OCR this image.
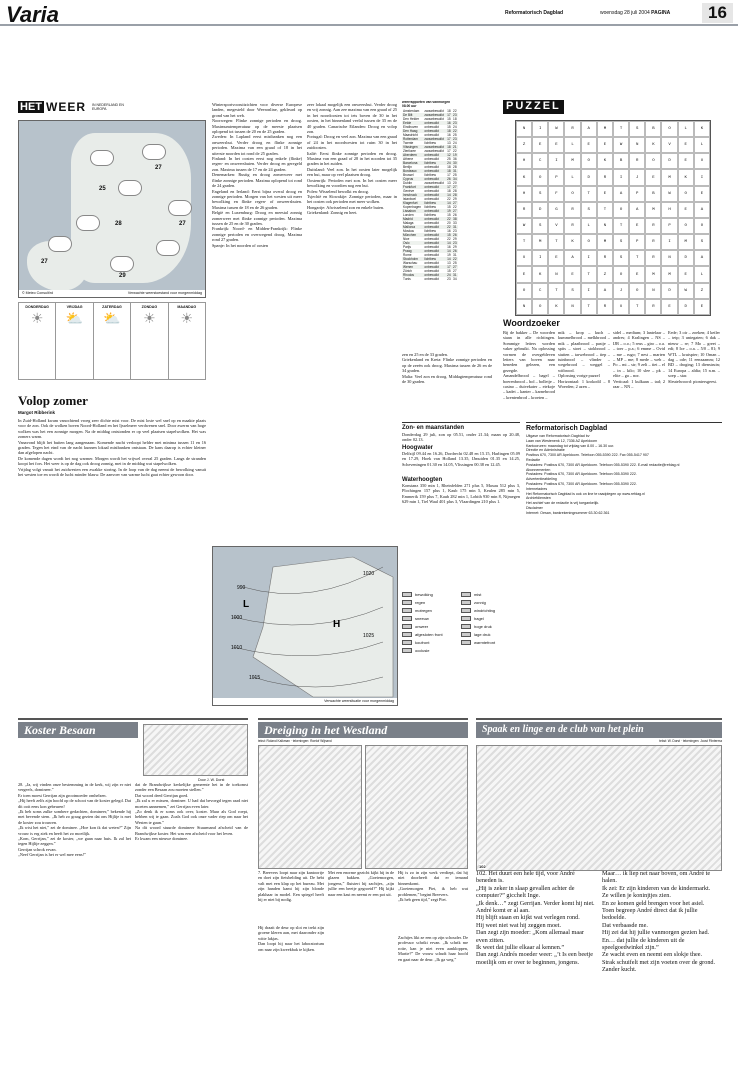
Varia	Reformatorisch Dagblad	woensdag 28 juli 2004 PAGINA	16
HET WEER IN NEDERLAND EN EUROPA
25
27
27
28
29
27
© Meteo Consult/rd	Verwachte weerstoestand voor morgenmiddag
DONDERDAG
☀
VRIJDAG
⛅
ZATERDAG
⛅
ZONDAG
☀
MAANDAG
☀
Volop zomer
Margot Ribberink
In Zuid-Holland kwam vanochtend vroeg zeer dichte mist voor. De mist loste wel snel op en maakte plaats voor de zon. Ook de wolken boven Noord-Holland en het Ijsselmeer verdwenen snel. Door zwerm van hoge wolken was het een zonnige morgen. Na de middag ontstonden er op veel plaatsen stapelwolken. Het was zomers warm.
Vanavond blijft het buiten lang aangenaam. Komende nacht verloopt helder met minima tussen 11 en 16 graden. Tegen het eind van de nacht kunnen lokaal mistbanken ontstaan. De kans daarop is echter kleiner dan afgelopen nacht.
De komende dagen wordt het nog warmer. Morgen wordt het vrijwel overal 25 graden. Langs de stranden koopt het fors. Het weer is op de dag ook droog zonnig, met in de middag wat stapelwolken.
Vrijdag volgt vanuit het zuidwesten een zwakke storing. In de loop van de dag neemt de bewolking vanuit het westen toe en wordt de lucht minder blauw. De aanvoer van warme lucht gaat echter gewoon door.
Wintersportvooruitzichten voor diverse Europese landen, megesteld door Weeronline, gekleurd op grond van het web.
Noorwegen: Flinke zonnige perioden en droog. Maximumtemperatuur op de meeste plaatsen oplopend tot tussen de 20 en de 25 graden.
Zweden: In Lapland eerst mistbanken nog een onweersbui. Verder droog en flinke zonnige perioden. Maxima van een graad of 18 in het uiterste noorden tot rond de 25 graden.
Finland: In het oosten eerst nog enkele (flinke) regen- en onweersbuien. Verder droog en geregeld zon. Maxima tussen de 17 en de 24 graden.
Denemarken: Rustig en droog zomerweer met flinke zonnige perioden. Maxima oplopend tot rond de 24 graden.
Engeland en Ierland: Eerst bijna overal droog en zonnige perioden. Morgen van het westen uit meer bewolking en flinke regen- of onweersbuien. Maxima tussen de 18 en de 26 graden.
België en Luxemburg: Droog en meestal zonnig zomerweer met flinke zonnige perioden. Maxima tussen de 25 en de 30 graden.
Frankrijk: Noord- en Midden-Frankrijk: Flinke zonnige perioden en overwegend droog. Maxima rond 27 graden.
Spanje: In het noorden of oosten
zeer lokaal mogelijk een onweersbui. Verder droog en vrij zonnig. Aan zee maxima van een graad of 25 in het noordoosten tot iets boven de 30 in het oosten, in het binnenland veelal tussen de 35 en de 40 graden. Canarische Eilanden: Droog en volop zon.
Portugal: Droog en veel zon. Maxima van een graad of 24 in het noordwesten tot ruim 30 in het zuidoosten.
Italië: Eerst flinke zonnige perioden en droog. Maxima van een graad of 28 in het noorden tot 35 graden in het zuiden.
Duitsland: Veel zon. In het oosten later mogelijk een bui, maar op veel plaatsen droog.
Oostenrijk: Perioden met zon. In het oosten meer bewolking en voordien nog een bui.
Polen: Wisselend bewolkt en droog.
Tsjechië en Slowakije: Zonnige perioden, maar in het oosten ook perioden met meer wolken.
Hongarije: Afwisselend zon en enkele buien.
Griekenland: Zonnig en heet.
weerrapporten van vanmorgen 08.00 uur
Amsterdam	zwaarbewolkt	18	22
De Bilt	zwaarbewolkt	17	23
Den Helder	zwaarbewolkt	15	18
Eelde	onbewolkt	16	23
Eindhoven	onbewolkt	15	24
Den Haag	onbewolkt	18	22
Maastricht	onbewolkt	16	25
Rotterdam	zwaarbewolkt	17	23
Twente	lichtbew	13	24
Vlissingen	zwaarbewolkt	18	21
Zierikzee	zwaarbewolkt	17	22
Aberdeen	onbewolkt	12	19
Athene	onbewolkt	25	36
Barcelona	lichtbew	24	30
Berlijn	onbewolkt	18	28
Bordeaux	onbewolkt	18	31
Brussel	lichtbew	17	25
Cyprus	onbewolkt	26	34
Dublin	zwaarbewolkt	13	20
Frankfurt	onbewolkt	17	27
Genève	onbewolkt	18	28
Innsbruck	onbewolkt	14	28
Istanboel	onbewolkt	22	29
Klagenfurt	lichtbew	14	27
Kopenhagen	lichtbew	15	22
Lissabon	onbewolkt	19	27
Londen	lichtbew	15	26
Madrid	onbewolkt	22	38
Malaga	onbewolkt	20	33
Mallorca	onbewolkt	22	31
Moskou	lichtbew	16	23
München	onbewolkt	15	26
Nice	onbewolkt	22	29
Oslo	onbewolkt	14	23
Parijs	onbewolkt	16	29
Praag	onbewolkt	14	26
Rome	onbewolkt	19	31
Stockholm	lichtbew	14	22
Warschau	onbewolkt	13	25
Wenen	onbewolkt	17	27
Zürich	onbewolkt	15	27
Rhodos	onbewolkt	24	31
Tunis	onbewolkt	23	34
zen en 25 en de 33 graden.
Griekenland en Kreta: Flinke zonnige perioden en op de zeeën ook droog. Maxima tussen de 26 en de 34 graden.
Malta: Veel zon en droog. Middagtemperatuur rond de 30 graden.
PUZZEL
N	I	W	R	A	M	T	S	B	O	L	K
Z	E	E	L	E	E	W	N	K	V	E	L
H	C	I	M	O	K	B	R	O	D	E	U
K	O	P	L	D	R	I	J	E	M	K	I
H	S	F	O	T	E	A	P	B	W	O	E
R	D	G	R	S	T	O	A	M	H	E	A
W	S	V	R	L	N	T	E	R	P	O	O
T	M	T	K	O	M	S	P	R	I	M	S
U	I	E	A	I	R	S	T	R	N	D	A
E	K	N	E	T	Z	O	E	M	M	E	L
O	C	T	S	I	A	J	O	N	D	W	Z
N	O	K	N	T	R	U	T	R	E	D	E
Woordzoeker
Bij de bakker – De woorden staan in alle richtingen. Sommige letters worden vaker gebruikt. Na oplossing vormen de overgebleven letters van boven naar beneden gelezen, een gezegde.
Amandelbrood – bagel – boerenbrood – bol – bolletje – casino – duivekater – eiekoje – kadet – kanter – karnebrood – krentenbrod – kroeten –
mik – krop – kuch – kummelbrood – melkbrood – mik – plaatbrood – pastje – spits – stoet – stokbrood – stutten – tarwebrood – tiep – tuinbrood – vlinder – wegebrood – weggel – witbrood.
Oplossing vorige puzzel
Horizontaal: 1 krokodil – 8 Woerden; 2 azen –
sidel – medium; 3 lantelaar – andres; 4 Kralingen – NS – IJR – o.o.; 5 reus – giro – o.a. – toer – p.a.; 6 emme – Ovid – me – rugo; 7 nest – marten – MP – me; 8 mede – web – Po – mi – str; 9 zeli – tiet – el – in – kilo; 10 slee – pk – elite – ga – nor.
Verticaal: 1 kulkaan – tad; 2 raar – NN –
Eede; 3 oir – zoeken; 4 keiler – tetp; 3 uniegaten; 6 dak – nieuw – re; 7 Mo – greet – edi; 8 Ice – o.a. – 5/0 – 81; 9 WTL – kruispier; 10 Oman – dag – ode; 11 eenzaamm; 12 BD – droging; 13 dienstruin; 14 Europa – aldia; 15 n.m. – soep – star.
Sleutelwoord: pioniersgeest.
Zon- en maanstanden
Donderdag 29 juli, zon op 05.51, onder 21.34; maan op 20.48, onder 02.13.
Hoogwater
Delfzijl 09.44 en 16.26, Dordrecht 02.48 en 15.15, Harlingen 05.09 en 17.29, Hoek van Holland 13.35, IJmuiden 01.35 en 14.25, Scheveningen 01.30 en 14.05, Vlissingen 00.38 en 12.45.
Waterhoogten
Konstanz 350 min 1, Rheinfelden 271 plus 5, Maxau 512 plus 3, Plochingen 157 plus 1, Kaub 175 min 5, Keulen 285 min 5, Emmerik 159 plus 7, Kaub 282 min 1, Lobith 930 min 8, Nijmegen 629 min 1, Tiel Waal 401 plus 3, Vlaardingen 210 plus 1.
bewolking	mist
regen	zonnig
motregen	windrichting
sneeuw	hagel
onweer	hoge druk
afgesloten front	lage druk
koufront	warmtefront
occlusie
Reformatorisch Dagblad
Uitgave van Reformatorisch Dagblad bv
Laan van Westenenk 12, 7336 AZ Apeldoorn
Kantooruren: maandag tot vrijdag van 8.00 – 16.30 uur.
Directie en Administratie
Postbus 670, 7300 AR Apeldoorn. Telefoon 055-5390 222. Fax 055-5417 907
Redactie
Postadres: Postbus 670, 7300 AR Apeldoorn. Telefoon 055-5390 222. E-mail redactie@refdag.nl
Abonnementen
Postadres: Postbus 670, 7300 AR Apeldoorn. Telefoon 055-5390 222.
Advertentieafdeling
Postadres: Postbus 670, 7300 AR Apeldoorn. Telefoon 055-5390 222.
Internetadres
Het Reformatorisch Dagblad is ook on line te raadplegen op www.refdag.nl
Archiefdiensten
Het archief van de redactie is vrij toegankelijk.
Disclaimer
Internet: Oesan, bankrekeningnummer 63.30.62.361
Koster Besaan
Door J. W. Dorst
28. „Ja, wij vinden onze bestemming in de kerk, wij zijn er niet vergeefs, domineer.”
Er toen moest Gerrijan zijn grootmoeder omhelzen.
„Hij heeft zelfs zijn hoofd op de schoot van de koster gelegd. Dat dit ooit eens kon gebeuren!
„Ik heb soms zulke sombere gedachten, domineer,” bekende hij met bevende stem. „Ik heb zo graag gezien dat ons Hijlije is met de koster zou trouwen.
„Ik wist het niet,” zei de dominee. „Hoe kon ik dat weten?” Zijn vrouw is erg ziek en heeft het zo moeilijk.
„Kom, Gerrijan,” zei de koster, „we gaan naar huis. Ik zal het tegen Hijlije zeggen.”
Gerrijan schrok ervan.
„Neef Gerrijan is het er wel mee eens!”
dat de Brandwijkse kerkelijke gemeente het in de toekomst zonder een Besaan zou moeten stellen.”
Dat woord deed Gerrijan goed.
„Ik zal u er missen, dominee. U had dat bevoegd tegen raad niet moeten aannemen,” zei Gerrijan even later.
„Zo denk ik er soms ook over, koster. Maar als God roept, hebben wij te gaan. Zoals God ook onze vader riep om naar het Westen te gaan.”
Na dit woord stuurde domineer Stuurmand afscheid van de Brandwijkse koster. Het was een afscheid voor het leven.
Er kwam een nieuwe dominee.
Dreiging in het Westland
tekst: Roland Kalkman · tekeningen: Roelof Wijnand
7. Breevers loopt naar zijn kantoortje en doet zijn fietsbelding uit. De hebt valt met een klap op het bureau. Met zijn handen kamt hij zijn blonde plakhaar in model. Een spiegel heeft hij er niet bij nodig.
Hij draait de deur op slot en trekt zijn groene kleren aan, met daaronder zijn witte lakjas.
Dan loopt hij naar het laboratorium om naar zijn kweekbak te kijken.
Met een enorme gezicht kijkt hij in de glazen bakken. „Goeiemorgen, jongens,” fluistert hij zachtjes, „zijn jullie een beetje gegroeid?” Hij kijkt naar een kast en neemt er een pot uit.
Hij is zo in zijn werk verdiept, dat hij niet doorheeft dat er iemand binnenkomt.
„Goeiemorgen Piet, ik heb wat problemen,” begint Breevers.
„Ik heb geen tijd,” zegt Piet.
Zachtjes likt ze een op zijn schouder. De professor schrikt ervan. „Ik schrik me rotte, kan je niet even aankloppen, Martie?” De vrouw schudt haar hoofd en gaat naar de deur. „Ik ga weg.”
Spaak en linge en de club van het plein
tekst: W. Dorst · tekeningen: Joost Flinterma
102
102. Het duurt een hele tijd, voor André beneden is.
„Hij is zeker in slaap gevallen achter de computer?” gicchelt Inge.
„Ik denk…” zegt Gerrijan. Verder komt hij niet.
André komt er al aan.
Hij blijft staan en kijkt wat verlegen rond.
Hij weet niet wat hij zeggen moet.
Dan zegt zijn moeder: „Kom allemaal maar even zitten.
Ik weet dat jullie elkaar al kennen.”
Dan zegt Andrés moeder weer: „’t Is een beetje moeilijk om er over te beginnen, jongens.
Maar… ik liep net naar boven, om André te halen.
Ik zei: Er zijn kinderen van de kindermarkt.
Ze willen je koninjtjes zien.
En ze komen geld brengen voor het asiel.
Toen begreep André direct dat ik jullie bedoelde.
Dat verbaasde me.
Hij zei dat hij jullie vanmorgen gezien had.
En… dat jullie de kinderen uit de speelgoedwinkel zijn.”
Ze wacht even en neemt een slokje thee.
Strak schuifelt met zijn voeten over de grond.
Zander kucht.
990
1000
1010
1015
1020
1025
H
L
Verwachte weersituatie voor morgenmiddag
